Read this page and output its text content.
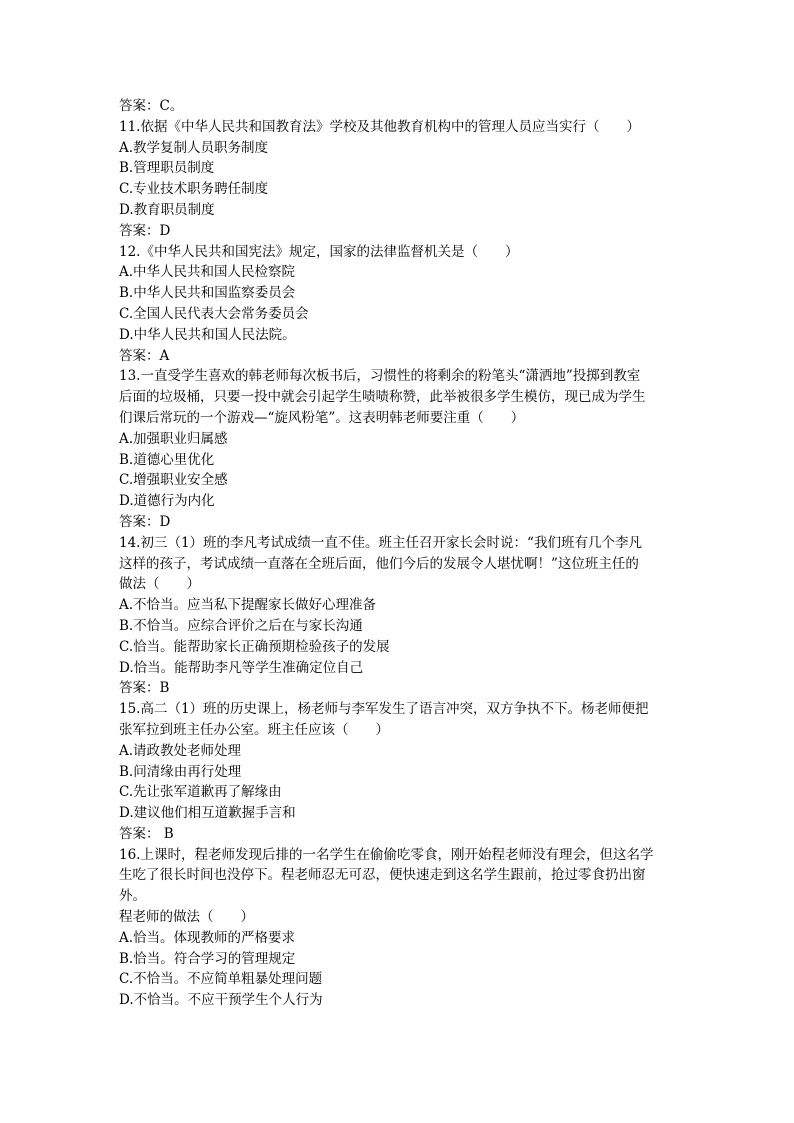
答案：C。
11.依据《中华人民共和国教育法》学校及其他教育机构中的管理人员应当实行（　　）
A.教学复制人员职务制度
B.管理职员制度
C.专业技术职务聘任制度
D.教育职员制度
答案：D
12.《中华人民共和国宪法》规定，国家的法律监督机关是（　　）
A.中华人民共和国人民检察院
B.中华人民共和国监察委员会
C.全国人民代表大会常务委员会
D.中华人民共和国人民法院。
答案：A
13.一直受学生喜欢的韩老师每次板书后，习惯性的将剩余的粉笔头“潇洒地”投掷到教室
后面的垃圾桶，只要一投中就会引起学生啧啧称赞，此举被很多学生模仿，现已成为学生
们课后常玩的一个游戏—“旋风粉笔”。这表明韩老师要注重（　　）
A.加强职业归属感
B.道德心里优化
C.增强职业安全感
D.道德行为内化
答案：D
14.初三（1）班的李凡考试成绩一直不佳。班主任召开家长会时说：“我们班有几个李凡
这样的孩子，考试成绩一直落在全班后面，他们今后的发展令人堪忧啊！”这位班主任的
做法（　　）
A.不恰当。应当私下提醒家长做好心理准备
B.不恰当。应综合评价之后在与家长沟通
C.恰当。能帮助家长正确预期检验孩子的发展
D.恰当。能帮助李凡等学生准确定位自己
答案：B
15.高二（1）班的历史课上，杨老师与李军发生了语言冲突，双方争执不下。杨老师便把
张军拉到班主任办公室。班主任应该（　　）
A.请政教处老师处理
B.问清缘由再行处理
C.先让张军道歉再了解缘由
D.建议他们相互道歉握手言和
答案： B
16.上课时，程老师发现后排的一名学生在偷偷吃零食，刚开始程老师没有理会，但这名学
生吃了很长时间也没停下。程老师忍无可忍，便快速走到这名学生跟前，抢过零食扔出窗
外。
程老师的做法（　　）
A.恰当。体现教师的严格要求
B.恰当。符合学习的管理规定
C.不恰当。不应简单粗暴处理问题
D.不恰当。不应干预学生个人行为
